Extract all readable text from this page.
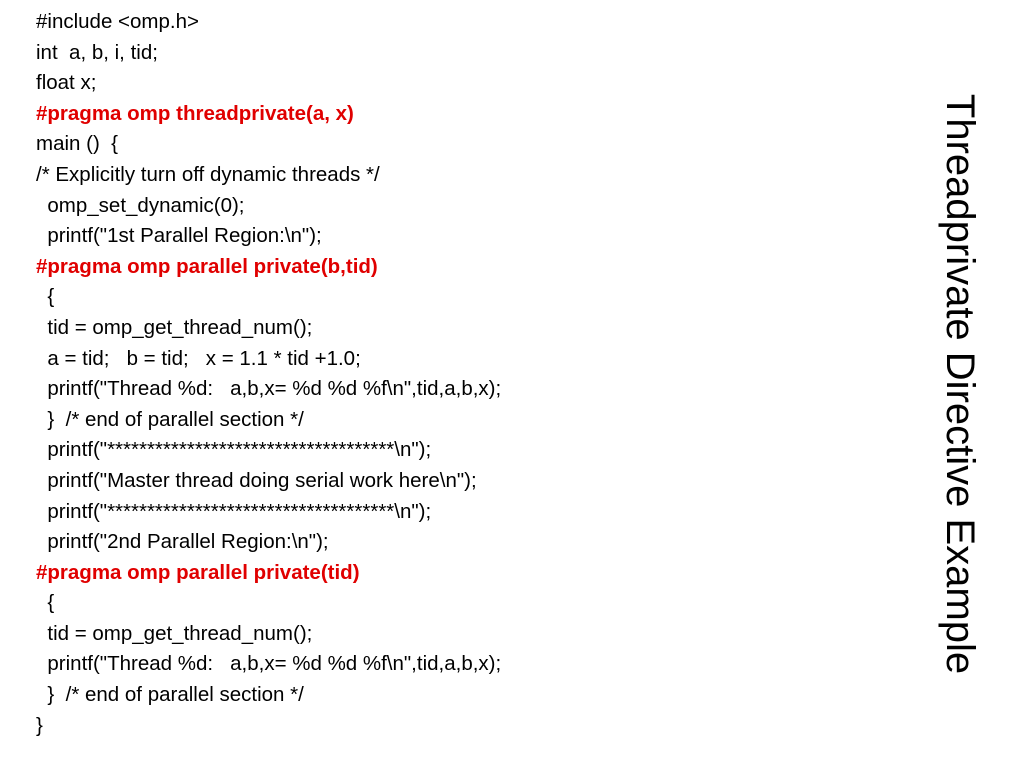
#include <omp.h>
int  a, b, i, tid;
float x;
#pragma omp threadprivate(a, x)
main ()  {
/* Explicitly turn off dynamic threads */
omp_set_dynamic(0);
printf("1st Parallel Region:\n");
#pragma omp parallel private(b,tid)
{
tid = omp_get_thread_num();
a = tid;   b = tid;   x = 1.1 * tid +1.0;
printf("Thread %d:   a,b,x= %d %d %f\n",tid,a,b,x);
}  /* end of parallel section */
printf("************************************\n");
printf("Master thread doing serial work here\n");
printf("************************************\n");
printf("2nd Parallel Region:\n");
#pragma omp parallel private(tid)
{
tid = omp_get_thread_num();
printf("Thread %d:   a,b,x= %d %d %f\n",tid,a,b,x);
}  /* end of parallel section */
}
Threadprivate Directive Example
